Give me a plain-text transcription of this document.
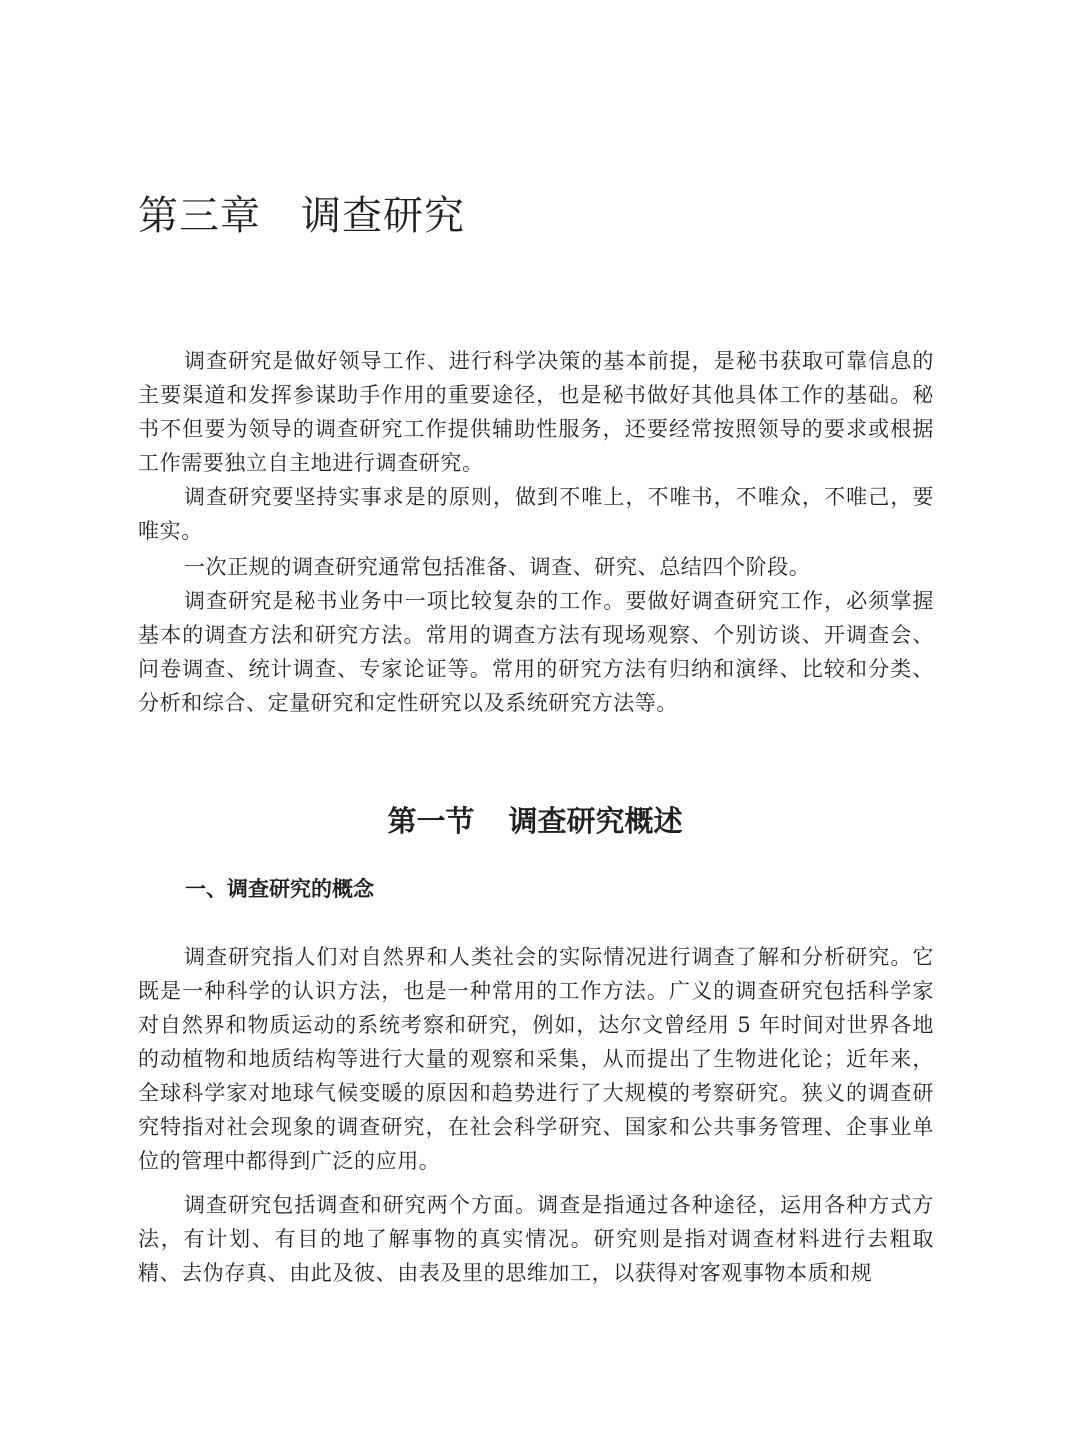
第三章 调查研究

调查研究是做好领导工作、进行科学决策的基本前提，是秘书获取可靠信息的主要渠道和发挥参谋助手作用的重要途径，也是秘书做好其他具体工作的基础。秘书不但要为领导的调查研究工作提供辅助性服务，还要经常按照领导的要求或根据工作需要独立自主地进行调查研究。

调查研究要坚持实事求是的原则，做到不唯上，不唯书，不唯众，不唯己，要唯实。

一次正规的调查研究通常包括准备、调查、研究、总结四个阶段。

调查研究是秘书业务中一项比较复杂的工作。要做好调查研究工作，必须掌握基本的调查方法和研究方法。常用的调查方法有现场观察、个别访谈、开调查会、问卷调查、统计调查、专家论证等。常用的研究方法有归纳和演绎、比较和分类、分析和综合、定量研究和定性研究以及系统研究方法等。

第一节 调查研究概述
一、调查研究的概念

调查研究指人们对自然界和人类社会的实际情况进行调查了解和分析研究。它既是一种科学的认识方法，也是一种常用的工作方法。广义的调查研究包括科学家对自然界和物质运动的系统考察和研究，例如，达尔文曾经用 5 年时间对世界各地的动植物和地质结构等进行大量的观察和采集，从而提出了生物进化论；近年来，全球科学家对地球气候变暖的原因和趋势进行了大规模的考察研究。狭义的调查研究特指对社会现象的调查研究，在社会科学研究、国家和公共事务管理、企事业单位的管理中都得到广泛的应用。

调查研究包括调查和研究两个方面。调查是指通过各种途径，运用各种方式方法，有计划、有目的地了解事物的真实情况。研究则是指对调查材料进行去粗取精、去伪存真、由此及彼、由表及里的思维加工，以获得对客观事物本质和规
